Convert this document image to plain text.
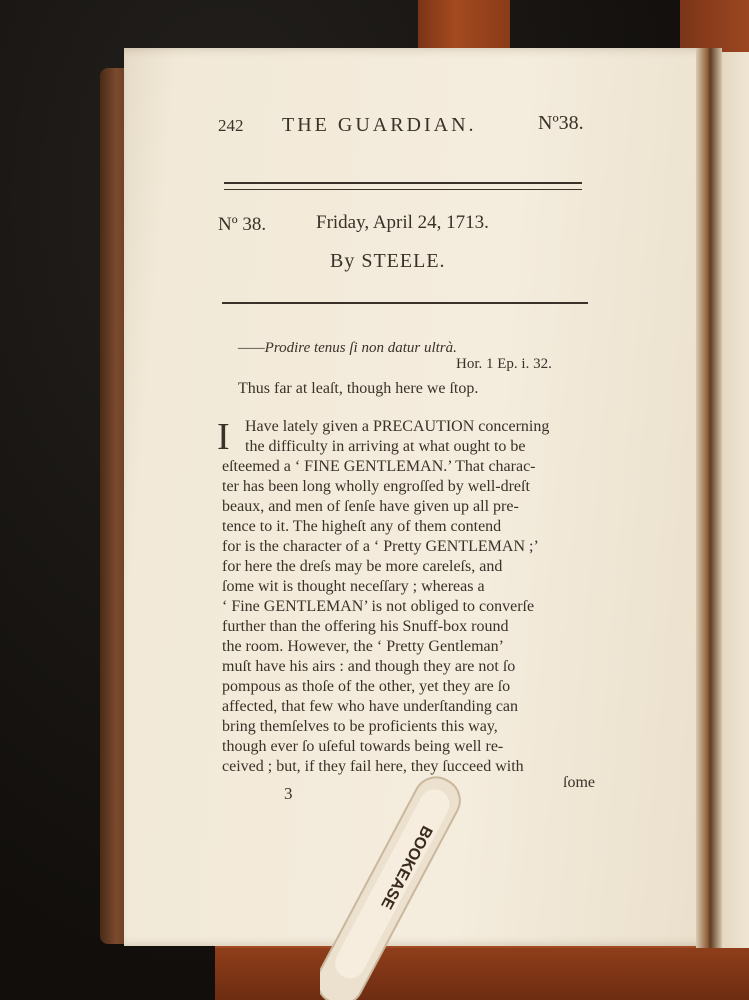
242 THE GUARDIAN.	Nº38.
Nº 38.	Friday, April 24, 1713.
By STEELE.
——Prodire tenus ſi non datur ultrà.
Hor. 1 Ep. i. 32.
Thus far at leaſt, though here we ſtop.
I Have lately given a PRECAUTION concerning
the difficulty in arriving at what ought to be
eſteemed a ‘ FINE GENTLEMAN.’ That charac-
ter has been long wholly engroſſed by well-dreſt
beaux, and men of ſenſe have given up all pre-
tence to it. The higheſt any of them contend
for is the character of a ‘ Pretty GENTLEMAN ;’
for here the dreſs may be more careleſs, and
ſome wit is thought neceſſary ; whereas a
‘ Fine GENTLEMAN’ is not obliged to converſe
further than the offering his Snuff-box round
the room. However, the ‘ Pretty Gentleman’
muſt have his airs : and though they are not ſo
pompous as thoſe of the other, yet they are ſo
affected, that few who have underſtanding can
bring themſelves to be proficients this way,
though ever ſo uſeful towards being well re-
ceived ; but, if they fail here, they ſucceed with
3
ſome
BOOKEASE
